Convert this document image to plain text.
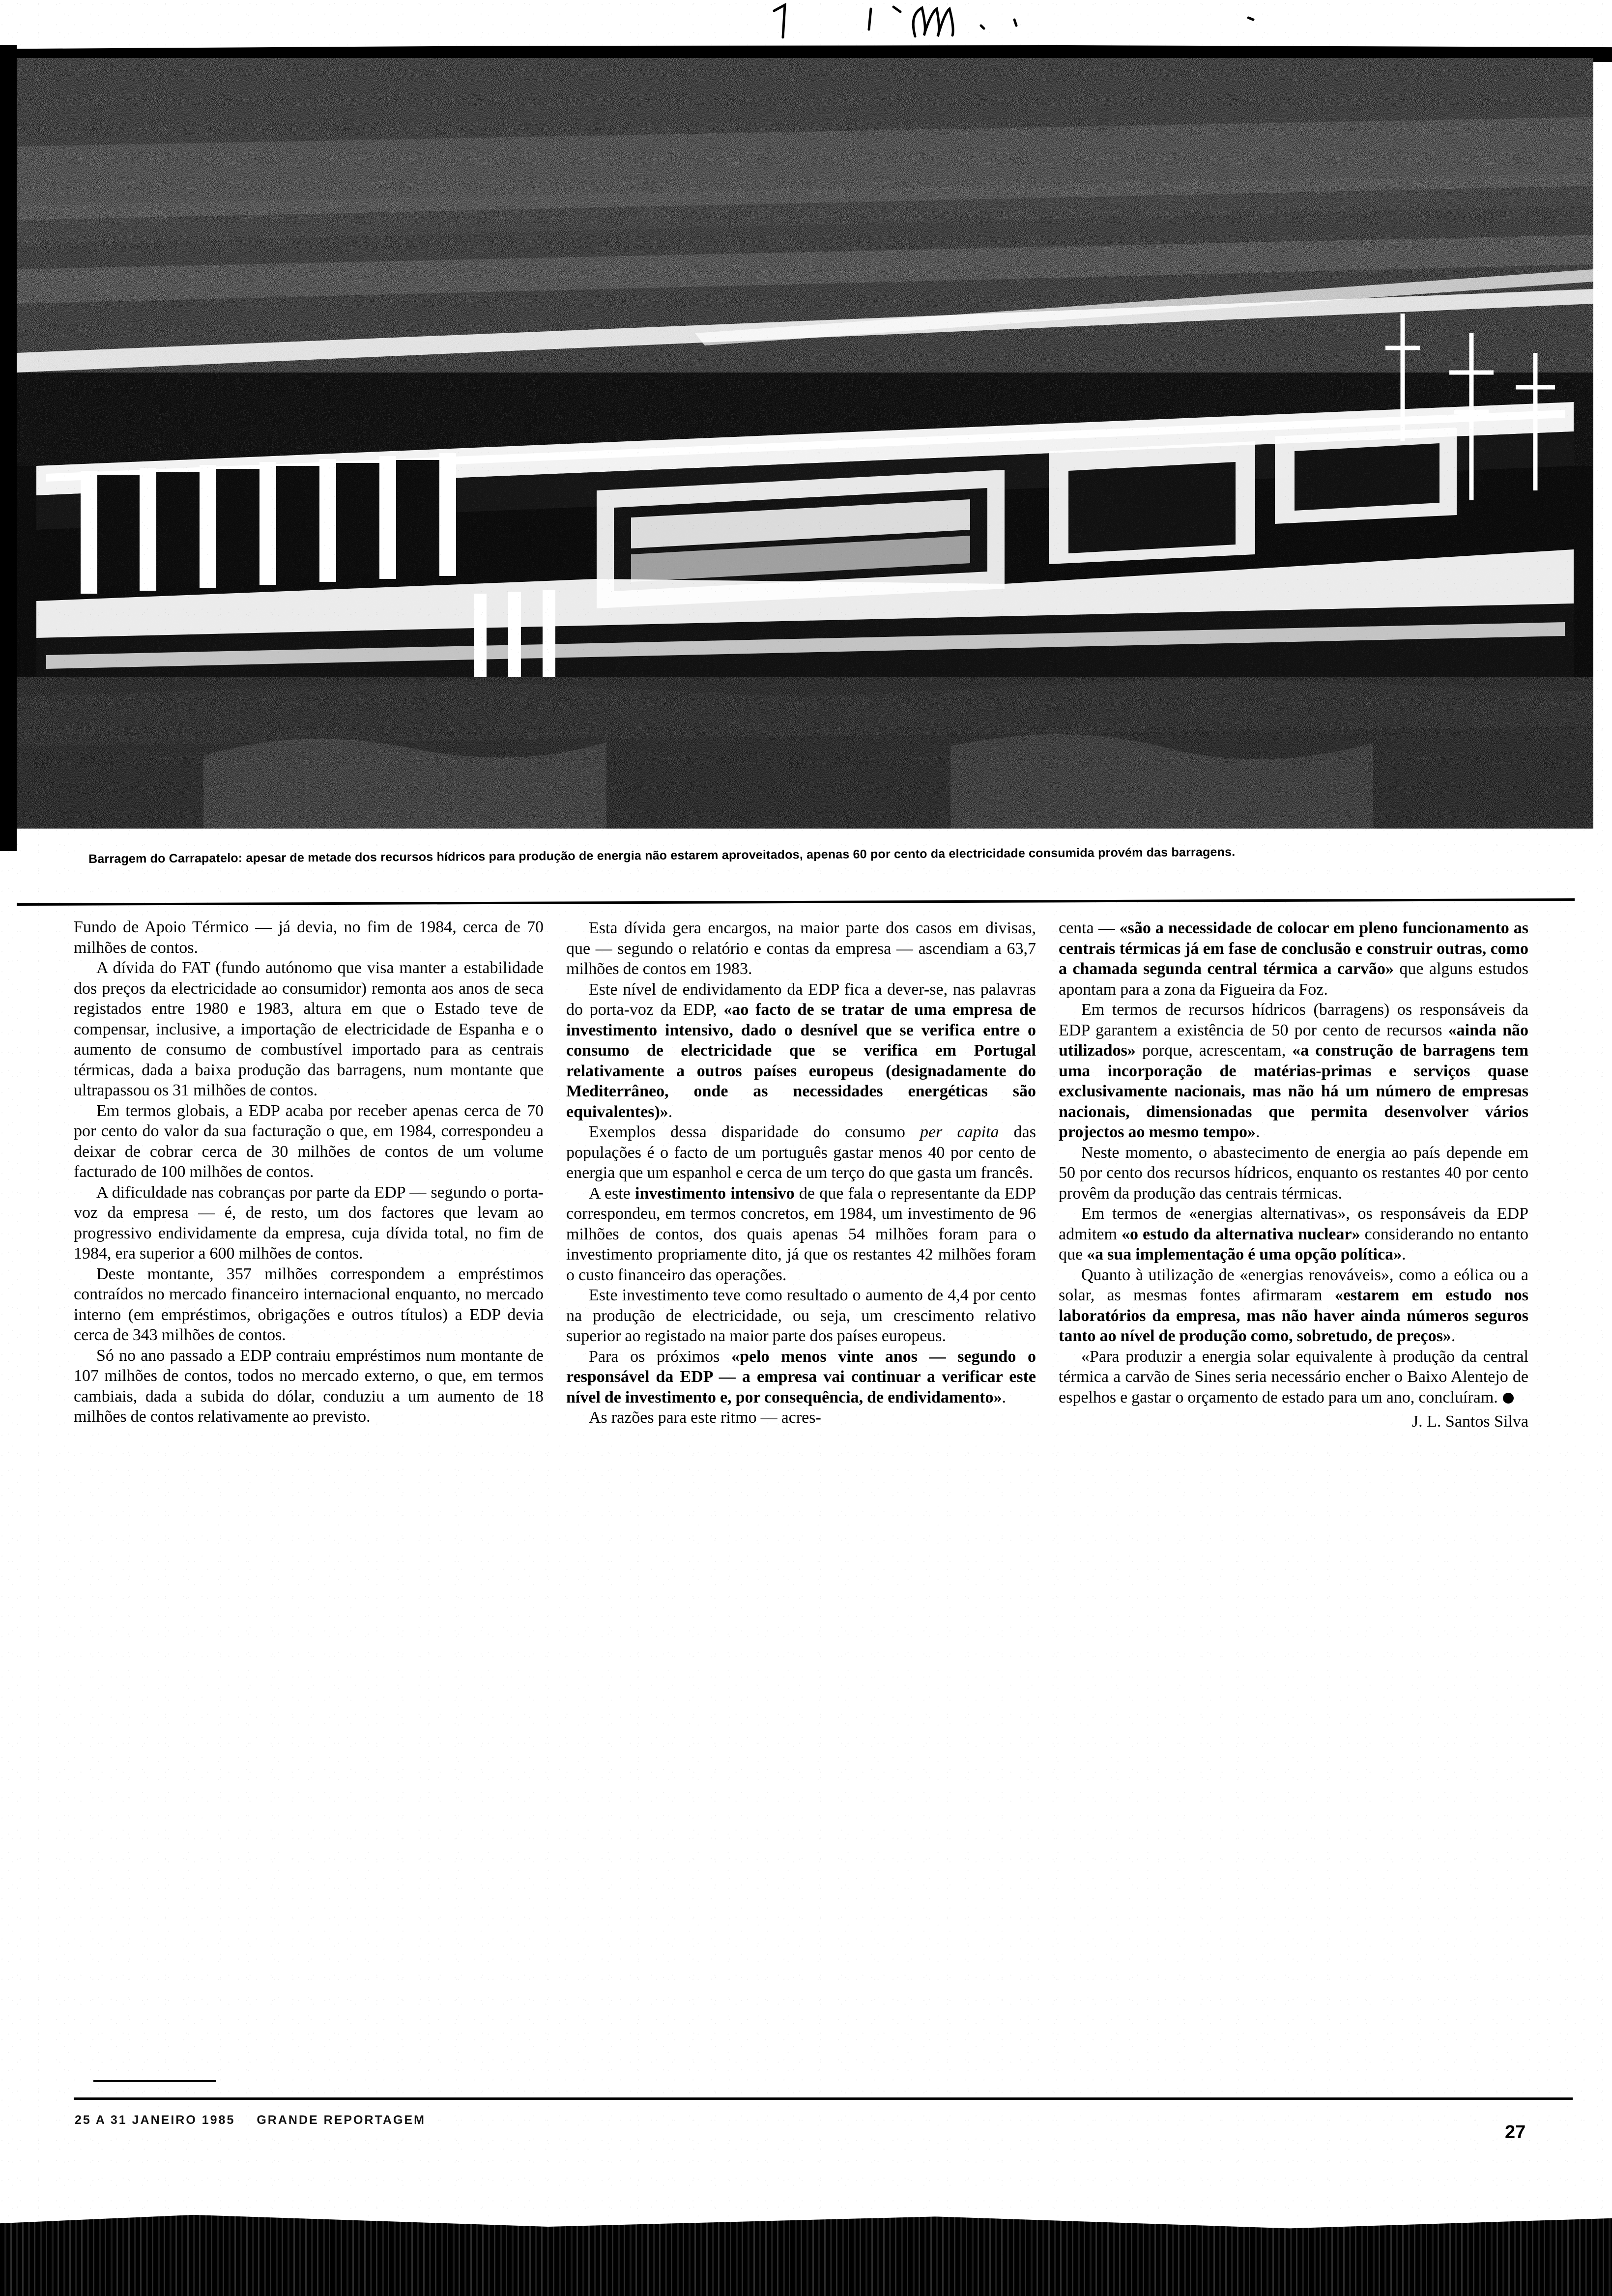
Barragem do Carrapatelo: apesar de metade dos recursos hídricos para produção de energia não estarem aproveitados, apenas 60 por cento da electricidade consumida provém das barragens.

Fundo de Apoio Térmico — já devia, no fim de 1984, cerca de 70 milhões de contos.

A dívida do FAT (fundo autónomo que visa manter a estabilidade dos preços da electricidade ao consumidor) remonta aos anos de seca registados entre 1980 e 1983, altura em que o Estado teve de compensar, inclusive, a importação de electricidade de Espanha e o aumento de consumo de combustível importado para as centrais térmicas, dada a baixa produção das barragens, num montante que ultrapassou os 31 milhões de contos.

Em termos globais, a EDP acaba por receber apenas cerca de 70 por cento do valor da sua facturação o que, em 1984, correspondeu a deixar de cobrar cerca de 30 milhões de contos de um volume facturado de 100 milhões de contos.

A dificuldade nas cobranças por parte da EDP — segundo o porta-voz da empresa — é, de resto, um dos factores que levam ao progressivo endividamente da empresa, cuja dívida total, no fim de 1984, era superior a 600 milhões de contos.

Deste montante, 357 milhões correspondem a empréstimos contraídos no mercado financeiro internacional enquanto, no mercado interno (em empréstimos, obrigações e outros títulos) a EDP devia cerca de 343 milhões de contos.

Só no ano passado a EDP contraiu empréstimos num montante de 107 milhões de contos, todos no mercado externo, o que, em termos cambiais, dada a subida do dólar, conduziu a um aumento de 18 milhões de contos relativamente ao previsto.

Esta dívida gera encargos, na maior parte dos casos em divisas, que — segundo o relatório e contas da empresa — ascendiam a 63,7 milhões de contos em 1983.

Este nível de endividamento da EDP fica a dever-se, nas palavras do porta-voz da EDP, «ao facto de se tratar de uma empresa de investimento intensivo, dado o desnível que se verifica entre o consumo de electricidade que se verifica em Portugal relativamente a outros países europeus (designadamente do Mediterrâneo, onde as necessidades energéticas são equivalentes)».

Exemplos dessa disparidade do consumo per capita das populações é o facto de um português gastar menos 40 por cento de energia que um espanhol e cerca de um terço do que gasta um francês.

A este investimento intensivo de que fala o representante da EDP correspondeu, em termos concretos, em 1984, um investimento de 96 milhões de contos, dos quais apenas 54 milhões foram para o investimento propriamente dito, já que os restantes 42 milhões foram o custo financeiro das operações.

Este investimento teve como resultado o aumento de 4,4 por cento na produção de electricidade, ou seja, um crescimento relativo superior ao registado na maior parte dos países europeus.

Para os próximos «pelo menos vinte anos — segundo o responsável da EDP — a empresa vai continuar a verificar este nível de investimento e, por consequência, de endividamento».

As razões para este ritmo — acres-

centa — «são a necessidade de colocar em pleno funcionamento as centrais térmicas já em fase de conclusão e construir outras, como a chamada segunda central térmica a carvão» que alguns estudos apontam para a zona da Figueira da Foz.

Em termos de recursos hídricos (barragens) os responsáveis da EDP garantem a existência de 50 por cento de recursos «ainda não utilizados» porque, acrescentam, «a construção de barragens tem uma incorporação de matérias-primas e serviços quase exclusivamente nacionais, mas não há um número de empresas nacionais, dimensionadas que permita desenvolver vários projectos ao mesmo tempo».

Neste momento, o abastecimento de energia ao país depende em 50 por cento dos recursos hídricos, enquanto os restantes 40 por cento provêm da produção das centrais térmicas.

Em termos de «energias alternativas», os responsáveis da EDP admitem «o estudo da alternativa nuclear» considerando no entanto que «a sua implementação é uma opção política».

Quanto à utilização de «energias renováveis», como a eólica ou a solar, as mesmas fontes afirmaram «estarem em estudo nos laboratórios da empresa, mas não haver ainda números seguros tanto ao nível de produção como, sobretudo, de preços».

«Para produzir a energia solar equivalente à produção da central térmica a carvão de Sines seria necessário encher o Baixo Alentejo de espelhos e gastar o orçamento de estado para um ano, concluíram.

J. L. Santos Silva
25 A 31 JANEIRO 1985 GRANDE REPORTAGEM
27
